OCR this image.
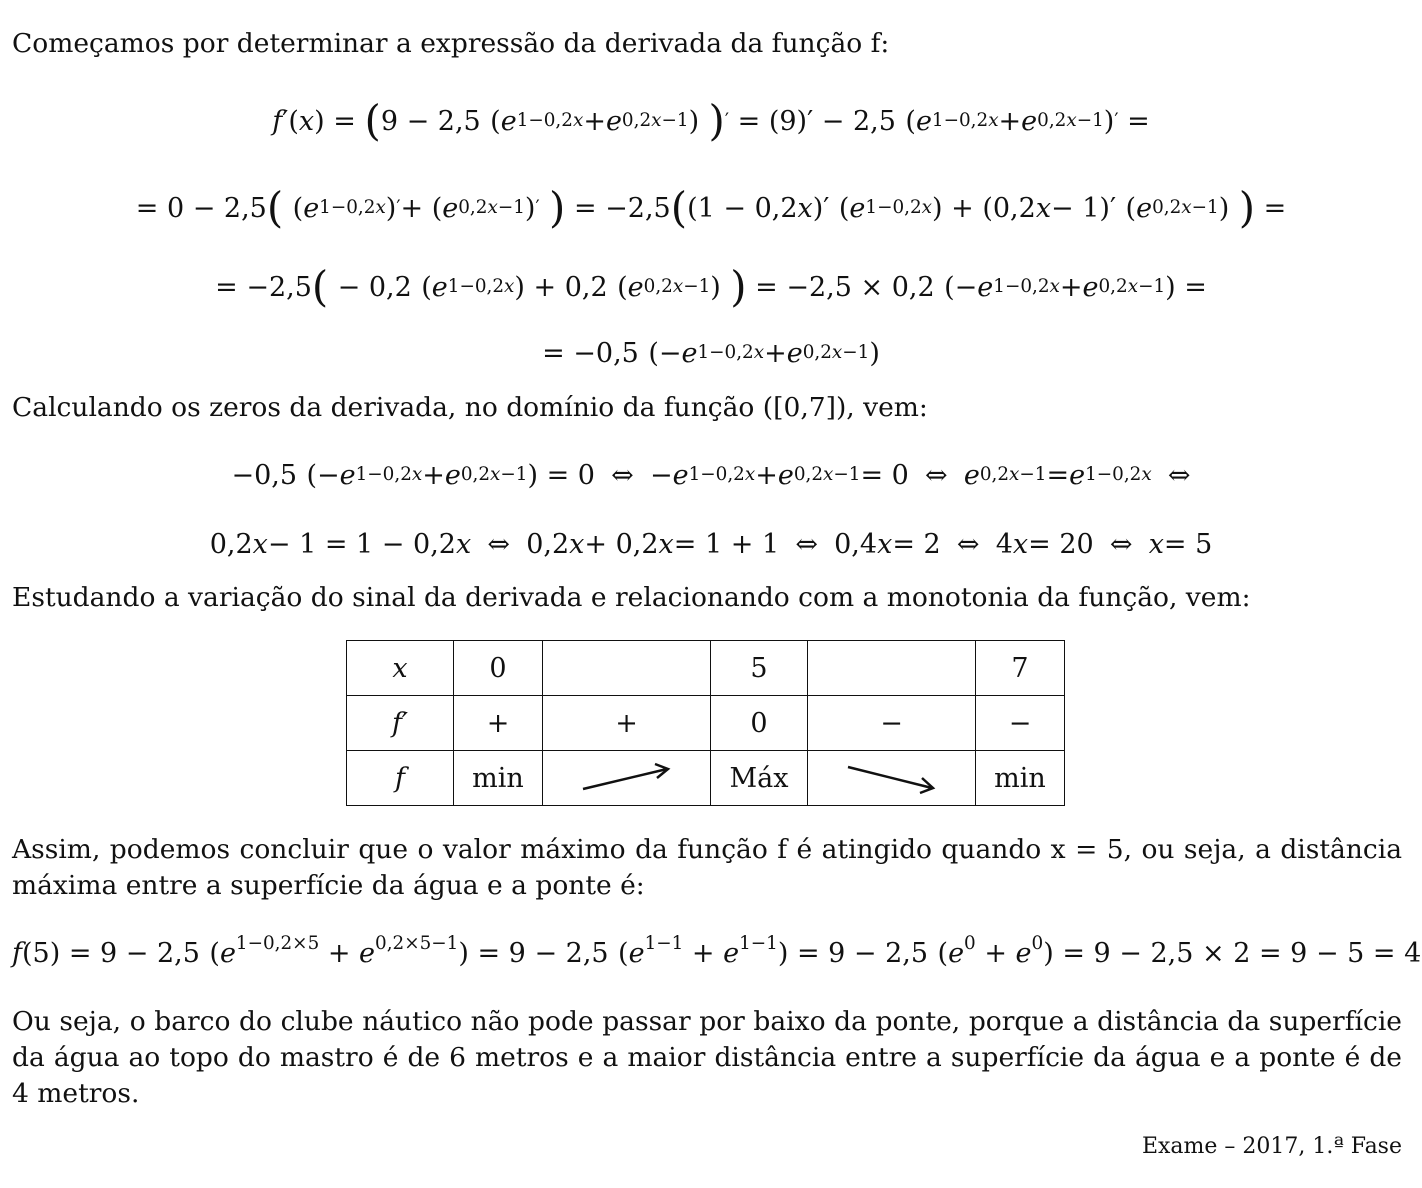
Começamos por determinar a expressão da derivada da função f:
f ′( x ) = ( 9 − 2,5 ( e 1−0,2x + e 0,2x−1 ) ) ′ = (9)′ − 2,5 ( e 1−0,2x + e 0,2x−1 ) ′ =
= 0 − 2,5 ( ( e 1−0,2x ) ′ + ( e 0,2x−1 ) ′ ) = −2,5 ( (1 − 0,2 x )′ ( e 1−0,2x ) + (0,2 x − 1)′ ( e 0,2x−1 ) ) =
= −2,5 ( − 0,2 ( e 1−0,2x ) + 0,2 ( e 0,2x−1 ) ) = −2,5 × 0,2 (− e 1−0,2x + e 0,2x−1 ) =
= −0,5 (− e 1−0,2x + e 0,2x−1 )
Calculando os zeros da derivada, no domínio da função ([0,7]), vem:
−0,5 (− e 1−0,2x + e 0,2x−1 ) = 0 ⇔ − e 1−0,2x + e 0,2x−1 = 0 ⇔ e 0,2x−1 = e 1−0,2x ⇔
0,2 x − 1 = 1 − 0,2 x ⇔ 0,2 x + 0,2 x = 1 + 1 ⇔ 0,4 x = 2 ⇔ 4 x = 20 ⇔ x = 5
Estudando a variação do sinal da derivada e relacionando com a monotonia da função, vem:
x	0		5		7
f′	+	+	0	−	−
f	min		Máx		min
Assim, podemos concluir que o valor máximo da função f é atingido quando x = 5, ou seja, a distância máxima entre a superfície da água e a ponte é:
f(5) = 9 − 2,5 $(e^{1-0,2\times 5} + e^{0,2\times 5-1}) = 9 - 2,5$ $(e^{1-1} + e^{1-1}) = 9 - 2,5$ $(e^0 + e^0) = 9 - 2,5 \times 2 = 9 - 5 = 4$
Ou seja, o barco do clube náutico não pode passar por baixo da ponte, porque a distância da superfície da água ao topo do mastro é de 6 metros e a maior distância entre a superfície da água e a ponte é de 4 metros.
Exame – 2017, 1.ª Fase
